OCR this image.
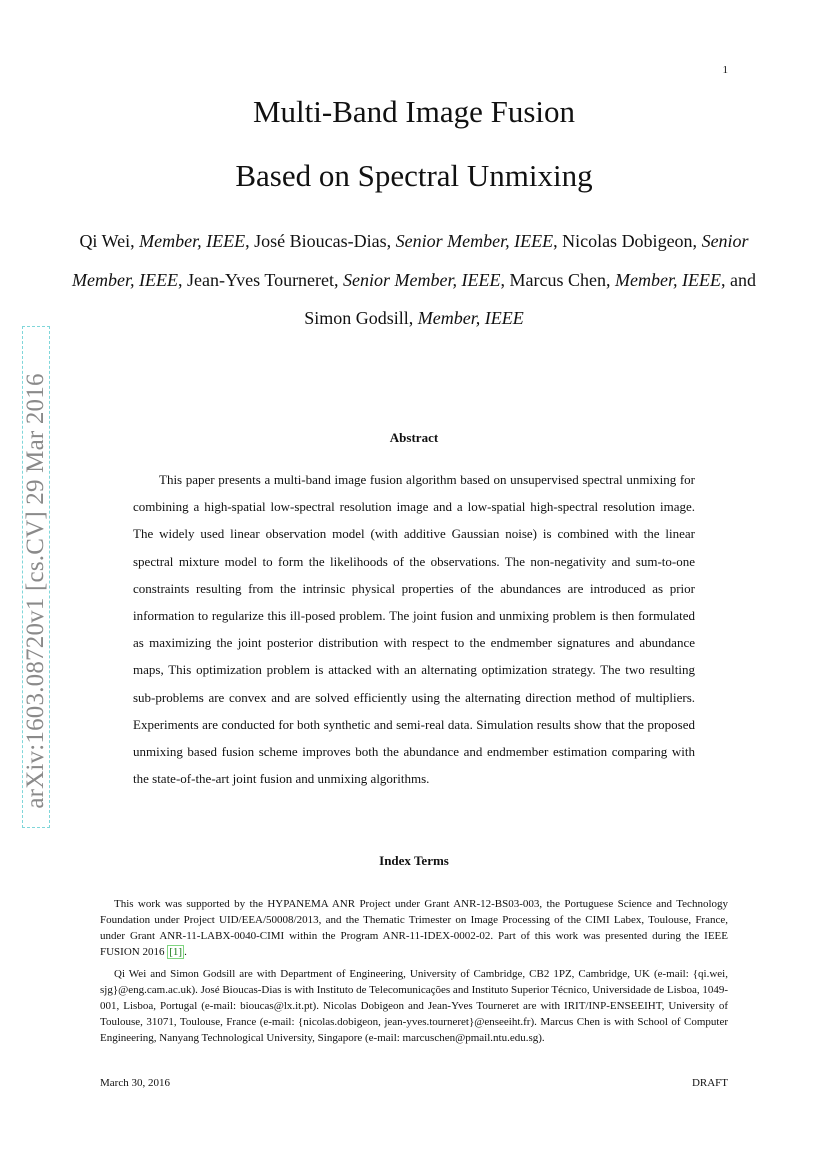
1
Multi-Band Image Fusion
Based on Spectral Unmixing
Qi Wei, Member, IEEE, José Bioucas-Dias, Senior Member, IEEE, Nicolas Dobigeon, Senior Member, IEEE, Jean-Yves Tourneret, Senior Member, IEEE, Marcus Chen, Member, IEEE, and Simon Godsill, Member, IEEE
arXiv:1603.08720v1 [cs.CV] 29 Mar 2016	Abstract

This paper presents a multi-band image fusion algorithm based on unsupervised spectral unmixing for combining a high-spatial low-spectral resolution image and a low-spatial high-spectral resolution image. The widely used linear observation model (with additive Gaussian noise) is combined with the linear spectral mixture model to form the likelihoods of the observations. The non-negativity and sum-to-one constraints resulting from the intrinsic physical properties of the abundances are introduced as prior information to regularize this ill-posed problem. The joint fusion and unmixing problem is then formulated as maximizing the joint posterior distribution with respect to the endmember signatures and abundance maps, This optimization problem is attacked with an alternating optimization strategy. The two resulting sub-problems are convex and are solved efficiently using the alternating direction method of multipliers. Experiments are conducted for both synthetic and semi-real data. Simulation results show that the proposed unmixing based fusion scheme improves both the abundance and endmember estimation comparing with the state-of-the-art joint fusion and unmixing algorithms.

Index Terms

This work was supported by the HYPANEMA ANR Project under Grant ANR-12-BS03-003, the Portuguese Science and Technology Foundation under Project UID/EEA/50008/2013, and the Thematic Trimester on Image Processing of the CIMI Labex, Toulouse, France, under Grant ANR-11-LABX-0040-CIMI within the Program ANR-11-IDEX-0002-02. Part of this work was presented during the IEEE FUSION 2016 [1] .

Qi Wei and Simon Godsill are with Department of Engineering, University of Cambridge, CB2 1PZ, Cambridge, UK (e-mail: {qi.wei, sjg}@eng.cam.ac.uk). José Bioucas-Dias is with Instituto de Telecomunicações and Instituto Superior Técnico, Universidade de Lisboa, 1049-001, Lisboa, Portugal (e-mail: bioucas@lx.it.pt). Nicolas Dobigeon and Jean-Yves Tourneret are with IRIT/INP-ENSEEIHT, University of Toulouse, 31071, Toulouse, France (e-mail: {nicolas.dobigeon, jean-yves.tourneret}@enseeiht.fr). Marcus Chen is with School of Computer Engineering, Nanyang Technological University, Singapore (e-mail: marcuschen@pmail.ntu.edu.sg).

March 30, 2016	DRAFT
